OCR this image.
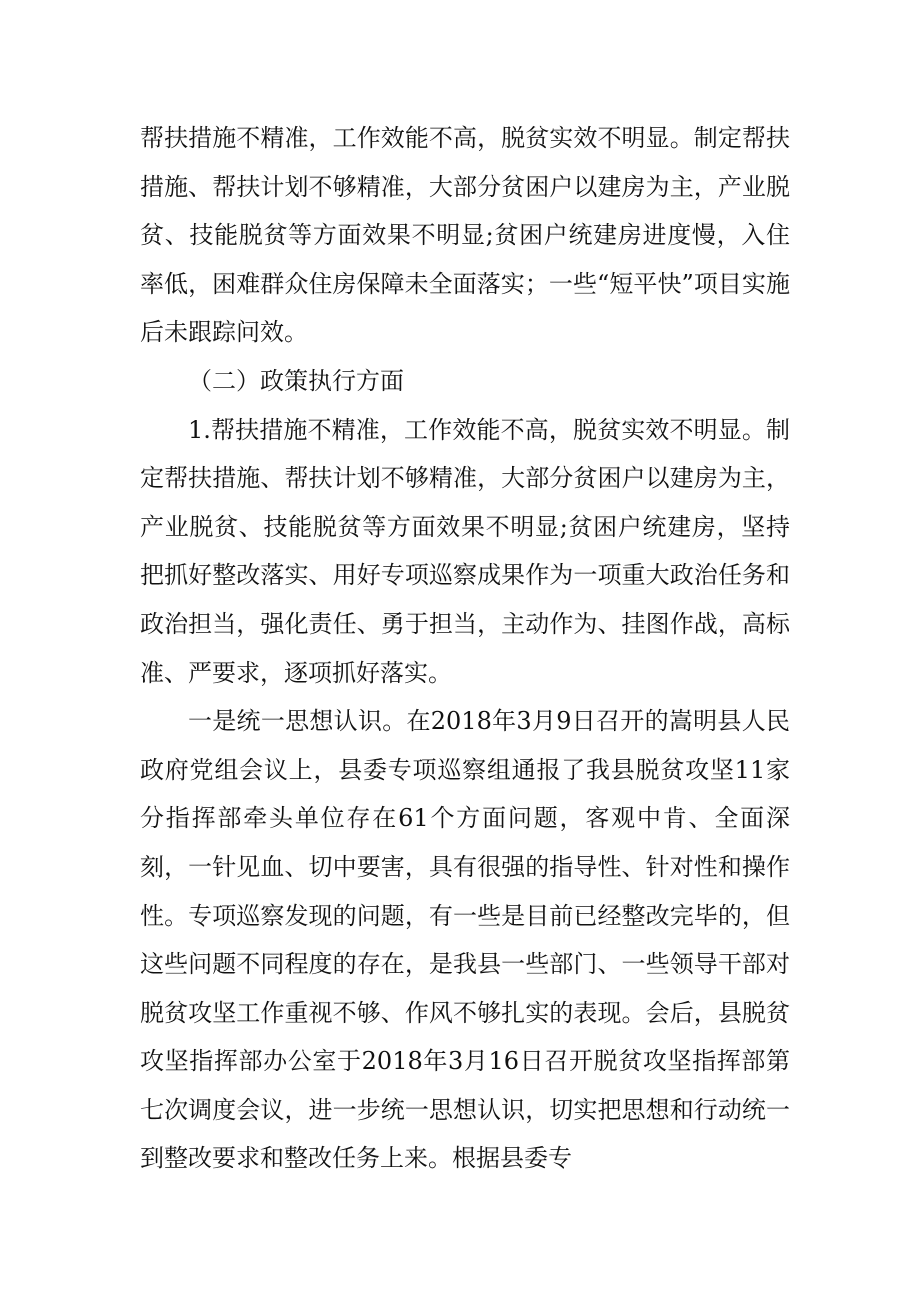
帮扶措施不精准，工作效能不高，脱贫实效不明显。制定帮扶措施、帮扶计划不够精准，大部分贫困户以建房为主，产业脱贫、技能脱贫等方面效果不明显;贫困户统建房进度慢，入住率低，困难群众住房保障未全面落实；一些“短平快”项目实施后未跟踪问效。

（二）政策执行方面

1.帮扶措施不精准，工作效能不高，脱贫实效不明显。制定帮扶措施、帮扶计划不够精准，大部分贫困户以建房为主，产业脱贫、技能脱贫等方面效果不明显;贫困户统建房，坚持把抓好整改落实、用好专项巡察成果作为一项重大政治任务和政治担当，强化责任、勇于担当，主动作为、挂图作战，高标准、严要求，逐项抓好落实。

一是统一思想认识。在2018年3月9日召开的嵩明县人民政府党组会议上，县委专项巡察组通报了我县脱贫攻坚11家分指挥部牵头单位存在61个方面问题，客观中肯、全面深刻，一针见血、切中要害，具有很强的指导性、针对性和操作性。专项巡察发现的问题，有一些是目前已经整改完毕的，但这些问题不同程度的存在，是我县一些部门、一些领导干部对脱贫攻坚工作重视不够、作风不够扎实的表现。会后，县脱贫攻坚指挥部办公室于2018年3月16日召开脱贫攻坚指挥部第七次调度会议，进一步统一思想认识，切实把思想和行动统一到整改要求和整改任务上来。根据县委专
